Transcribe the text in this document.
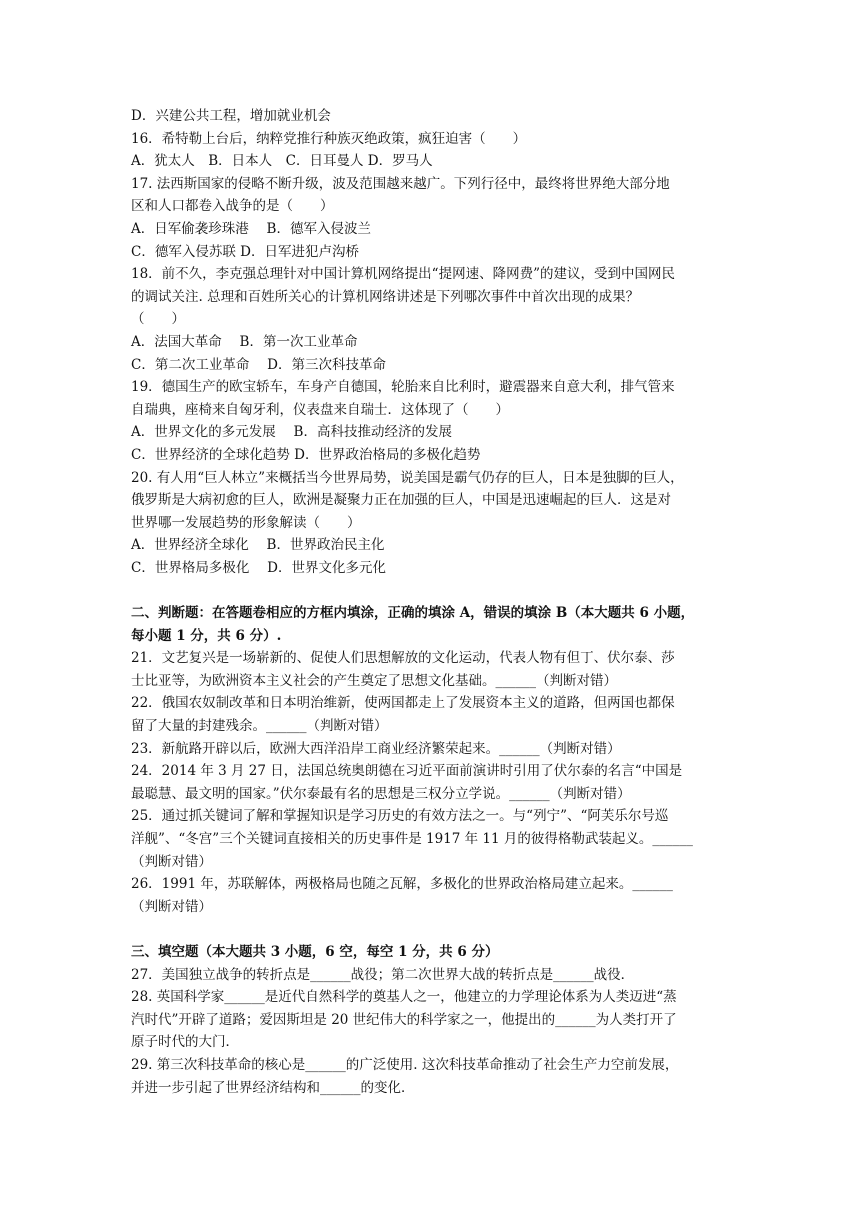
D．兴建公共工程，增加就业机会
16．希特勒上台后，纳粹党推行种族灭绝政策，疯狂迫害（　　）
A．犹太人　B．日本人　C．日耳曼人 D．罗马人
17. 法西斯国家的侵略不断升级，波及范围越来越广。下列行径中，最终将世界绝大部分地
区和人口都卷入战争的是（　　）
A．日军偷袭珍珠港　 B．德军入侵波兰
C．德军入侵苏联 D．日军进犯卢沟桥
18．前不久，李克强总理针对中国计算机网络提出“提网速、降网费”的建议，受到中国网民
的调试关注. 总理和百姓所关心的计算机网络讲述是下列哪次事件中首次出现的成果？
（　　）
A．法国大革命　 B．第一次工业革命
C．第二次工业革命　 D．第三次科技革命
19．德国生产的欧宝轿车，车身产自德国，轮胎来自比利时，避震器来自意大利，排气管来
自瑞典，座椅来自匈牙利，仪表盘来自瑞士．这体现了（　　）
A．世界文化的多元发展　 B．高科技推动经济的发展
C．世界经济的全球化趋势 D．世界政治格局的多极化趋势
20. 有人用“巨人林立”来概括当今世界局势，说美国是霸气仍存的巨人，日本是独脚的巨人，
俄罗斯是大病初愈的巨人，欧洲是凝聚力正在加强的巨人，中国是迅速崛起的巨人．这是对
世界哪一发展趋势的形象解读（　　）
A．世界经济全球化　 B．世界政治民主化
C．世界格局多极化　 D．世界文化多元化
二、判断题：在答题卷相应的方框内填涂，正确的填涂 A，错误的填涂 B（本大题共 6 小题，
每小题 1 分，共 6 分）.
21．文艺复兴是一场崭新的、促使人们思想解放的文化运动，代表人物有但丁、伏尔泰、莎
士比亚等，为欧洲资本主义社会的产生奠定了思想文化基础。______（判断对错）
22．俄国农奴制改革和日本明治维新，使两国都走上了发展资本主义的道路，但两国也都保
留了大量的封建残余。______（判断对错）
23．新航路开辟以后，欧洲大西洋沿岸工商业经济繁荣起来。______（判断对错）
24．2014 年 3 月 27 日，法国总统奥朗德在习近平面前演讲时引用了伏尔泰的名言“中国是
最聪慧、最文明的国家。”伏尔泰最有名的思想是三权分立学说。______（判断对错）
25．通过抓关键词了解和掌握知识是学习历史的有效方法之一。与“列宁”、“阿芙乐尔号巡
洋舰”、“冬宫”三个关键词直接相关的历史事件是 1917 年 11 月的彼得格勒武装起义。______
（判断对错）
26．1991 年，苏联解体，两极格局也随之瓦解，多极化的世界政治格局建立起来。______
（判断对错）
三、填空题（本大题共 3 小题，6 空，每空 1 分，共 6 分）
27．美国独立战争的转折点是______战役；第二次世界大战的转折点是______战役．
28. 英国科学家______是近代自然科学的奠基人之一，他建立的力学理论体系为人类迈进“蒸
汽时代”开辟了道路；爱因斯坦是 20 世纪伟大的科学家之一，他提出的______为人类打开了
原子时代的大门．
29. 第三次科技革命的核心是______的广泛使用. 这次科技革命推动了社会生产力空前发展，
并进一步引起了世界经济结构和______的变化．
